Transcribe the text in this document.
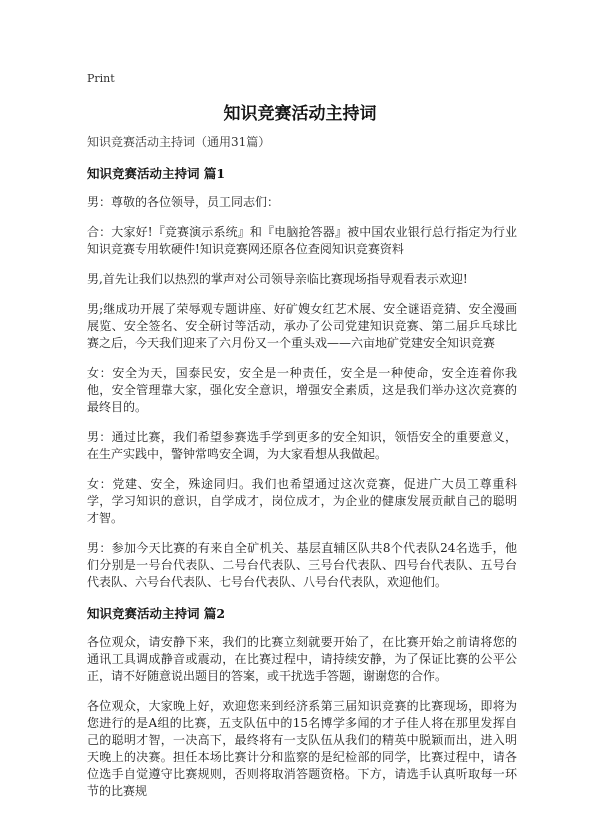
Print
知识竞赛活动主持词
知识竞赛活动主持词（通用31篇）
知识竞赛活动主持词 篇1

男：尊敬的各位领导，员工同志们：

合：大家好!『竞赛演示系统』和『电脑抢答器』被中国农业银行总行指定为行业知识竞赛专用软硬件!知识竞赛网还原各位查阅知识竞赛资料

男,首先让我们以热烈的掌声对公司领导亲临比赛现场指导观看表示欢迎!

男;继成功开展了荣辱观专题讲座、好矿嫂女红艺术展、安全谜语竞猜、安全漫画展览、安全签名、安全研讨等活动，承办了公司党建知识竞赛、第二届乒乓球比赛之后，今天我们迎来了六月份又一个重头戏——六亩地矿党建安全知识竞赛

女：安全为天，国泰民安，安全是一种责任，安全是一种使命，安全连着你我他，安全管理靠大家，强化安全意识，增强安全素质，这是我们举办这次竞赛的最终目的。

男：通过比赛，我们希望参赛选手学到更多的安全知识，领悟安全的重要意义，在生产实践中，警钟常鸣安全调，为大家看想从我做起。

女：党建、安全，殊途同归。我们也希望通过这次竞赛，促进广大员工尊重科学，学习知识的意识，自学成才，岗位成才，为企业的健康发展贡献自己的聪明才智。

男：参加今天比赛的有来自全矿机关、基层直辅区队共8个代表队24名选手，他们分别是一号台代表队、二号台代表队、三号台代表队、四号台代表队、五号台代表队、六号台代表队、七号台代表队、八号台代表队，欢迎他们。

知识竞赛活动主持词 篇2

各位观众，请安静下来，我们的比赛立刻就要开始了，在比赛开始之前请将您的通讯工具调成静音或震动，在比赛过程中，请持续安静，为了保证比赛的公平公正，请不好随意说出题目的答案，或干扰选手答题，谢谢您的合作。

各位观众，大家晚上好，欢迎您来到经济系第三届知识竞赛的比赛现场，即将为您进行的是A组的比赛，五支队伍中的15名博学多闻的才子佳人将在那里发挥自己的聪明才智，一决高下，最终将有一支队伍从我们的精英中脱颖而出，进入明天晚上的决赛。担任本场比赛计分和监察的是纪检部的同学，比赛过程中，请各位选手自觉遵守比赛规则，否则将取消答题资格。下方，请选手认真听取每一环节的比赛规
